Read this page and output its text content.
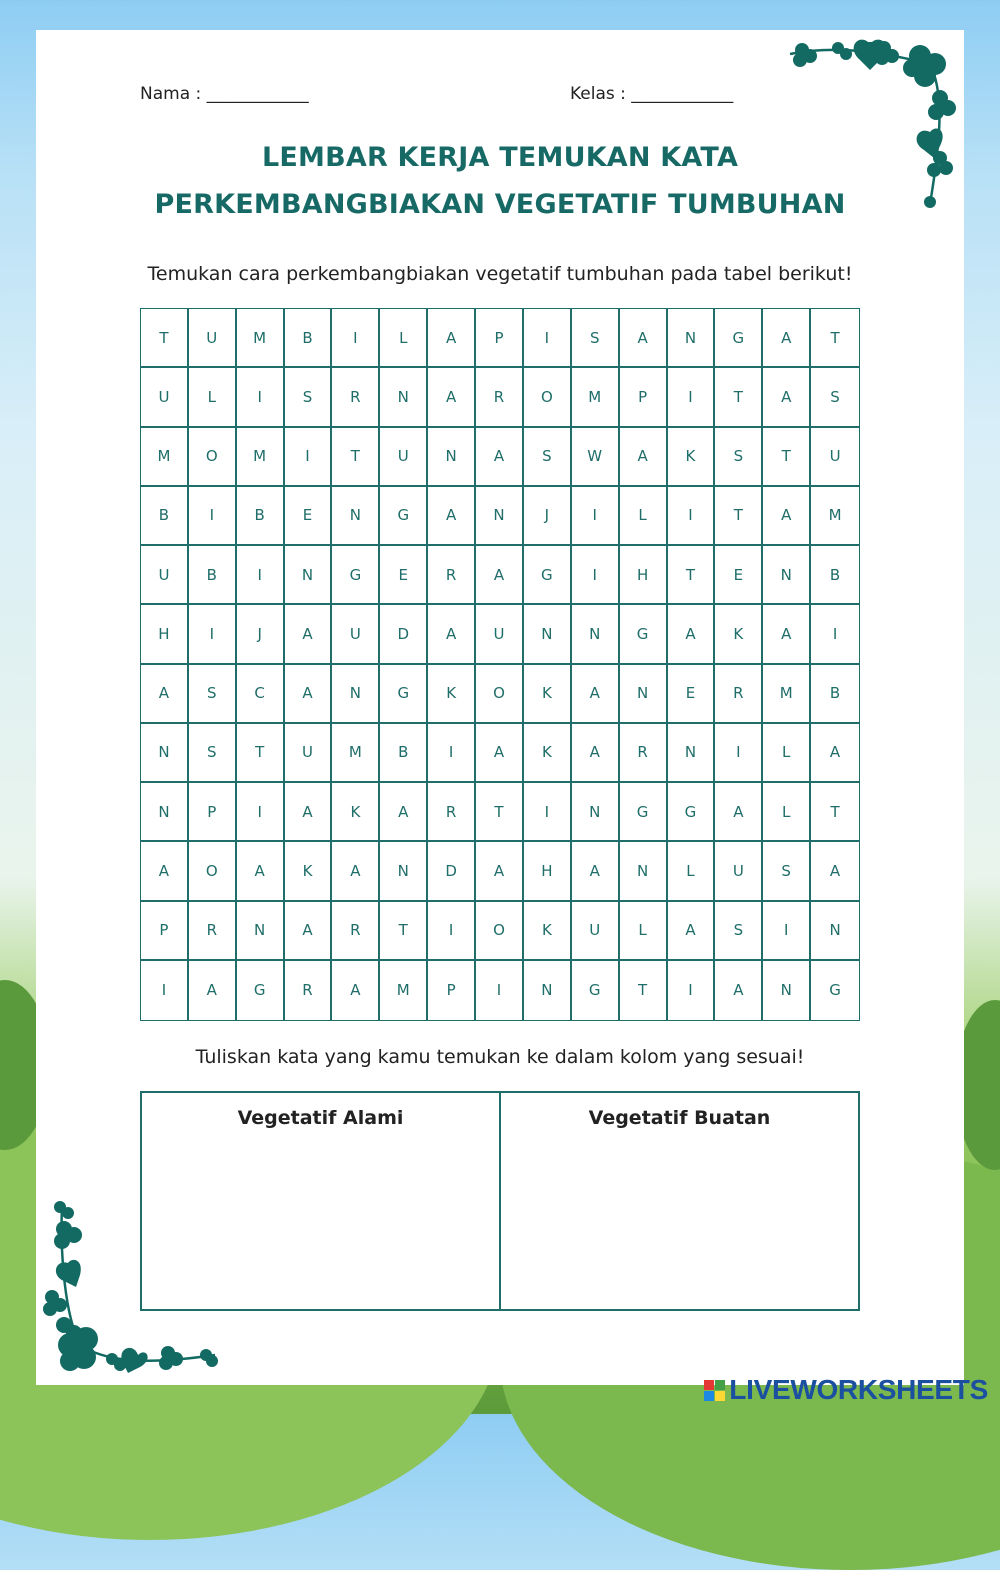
Nama : ____________	Kelas : ____________
LEMBAR KERJA TEMUKAN KATA
PERKEMBANGBIAKAN VEGETATIF TUMBUHAN
Temukan cara perkembangbiakan vegetatif tumbuhan pada tabel berikut!
T	U	M	B	I	L	A	P	I	S	A	N	G	A	T
U	L	I	S	R	N	A	R	O	M	P	I	T	A	S
M	O	M	I	T	U	N	A	S	W	A	K	S	T	U
B	I	B	E	N	G	A	N	J	I	L	I	T	A	M
U	B	I	N	G	E	R	A	G	I	H	T	E	N	B
H	I	J	A	U	D	A	U	N	N	G	A	K	A	I
A	S	C	A	N	G	K	O	K	A	N	E	R	M	B
N	S	T	U	M	B	I	A	K	A	R	N	I	L	A
N	P	I	A	K	A	R	T	I	N	G	G	A	L	T
A	O	A	K	A	N	D	A	H	A	N	L	U	S	A
P	R	N	A	R	T	I	O	K	U	L	A	S	I	N
I	A	G	R	A	M	P	I	N	G	T	I	A	N	G
Tuliskan kata yang kamu temukan ke dalam kolom yang sesuai!
Vegetatif Alami	Vegetatif Buatan
LIVEWORKSHEETS
